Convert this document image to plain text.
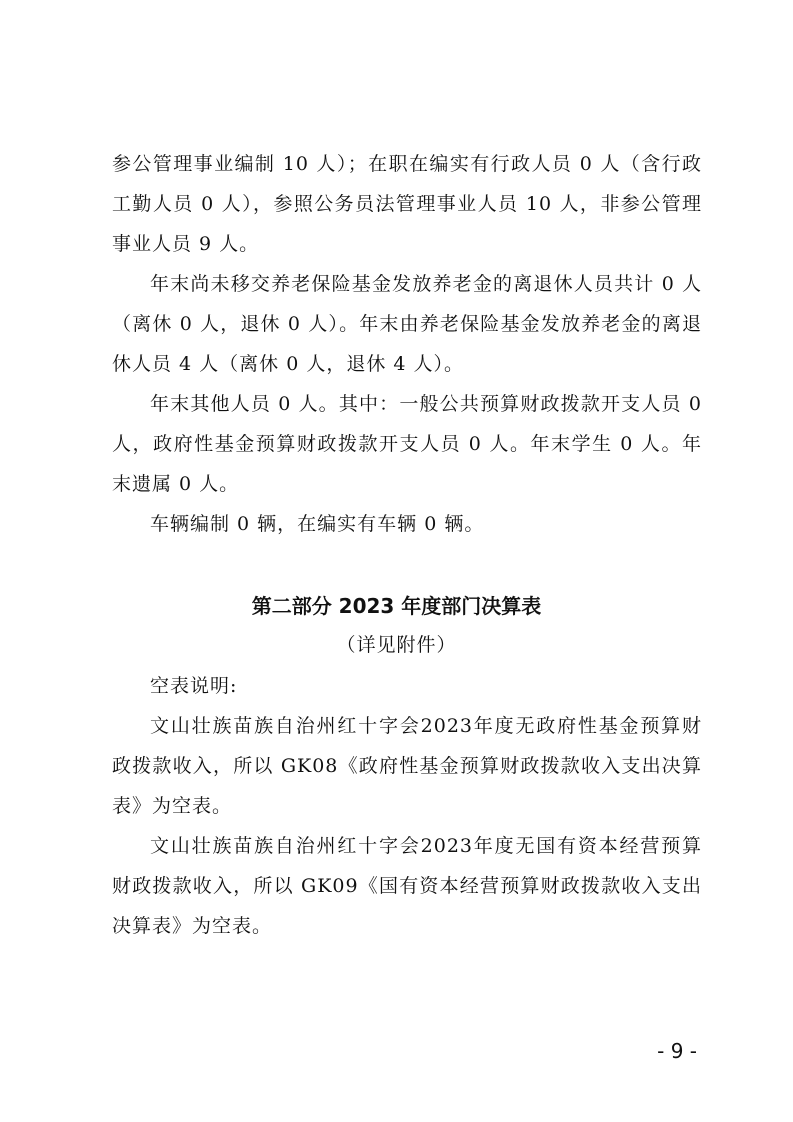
参公管理事业编制 10 人）；在职在编实有行政人员 0 人（含行政工勤人员 0 人），参照公务员法管理事业人员 10 人，非参公管理事业人员 9 人。

年末尚未移交养老保险基金发放养老金的离退休人员共计 0 人（离休 0 人，退休 0 人）。年末由养老保险基金发放养老金的离退休人员 4 人（离休 0 人，退休 4 人）。

年末其他人员 0 人。其中：一般公共预算财政拨款开支人员 0 人，政府性基金预算财政拨款开支人员 0 人。年末学生 0 人。年末遗属 0 人。

车辆编制 0 辆，在编实有车辆 0 辆。

第二部分 2023 年度部门决算表

（详见附件）

空表说明:

文山壮族苗族自治州红十字会2023年度无政府性基金预算财政拨款收入，所以 GK08《政府性基金预算财政拨款收入支出决算表》为空表。

文山壮族苗族自治州红十字会2023年度无国有资本经营预算财政拨款收入，所以 GK09《国有资本经营预算财政拨款收入支出决算表》为空表。

- 9 -
